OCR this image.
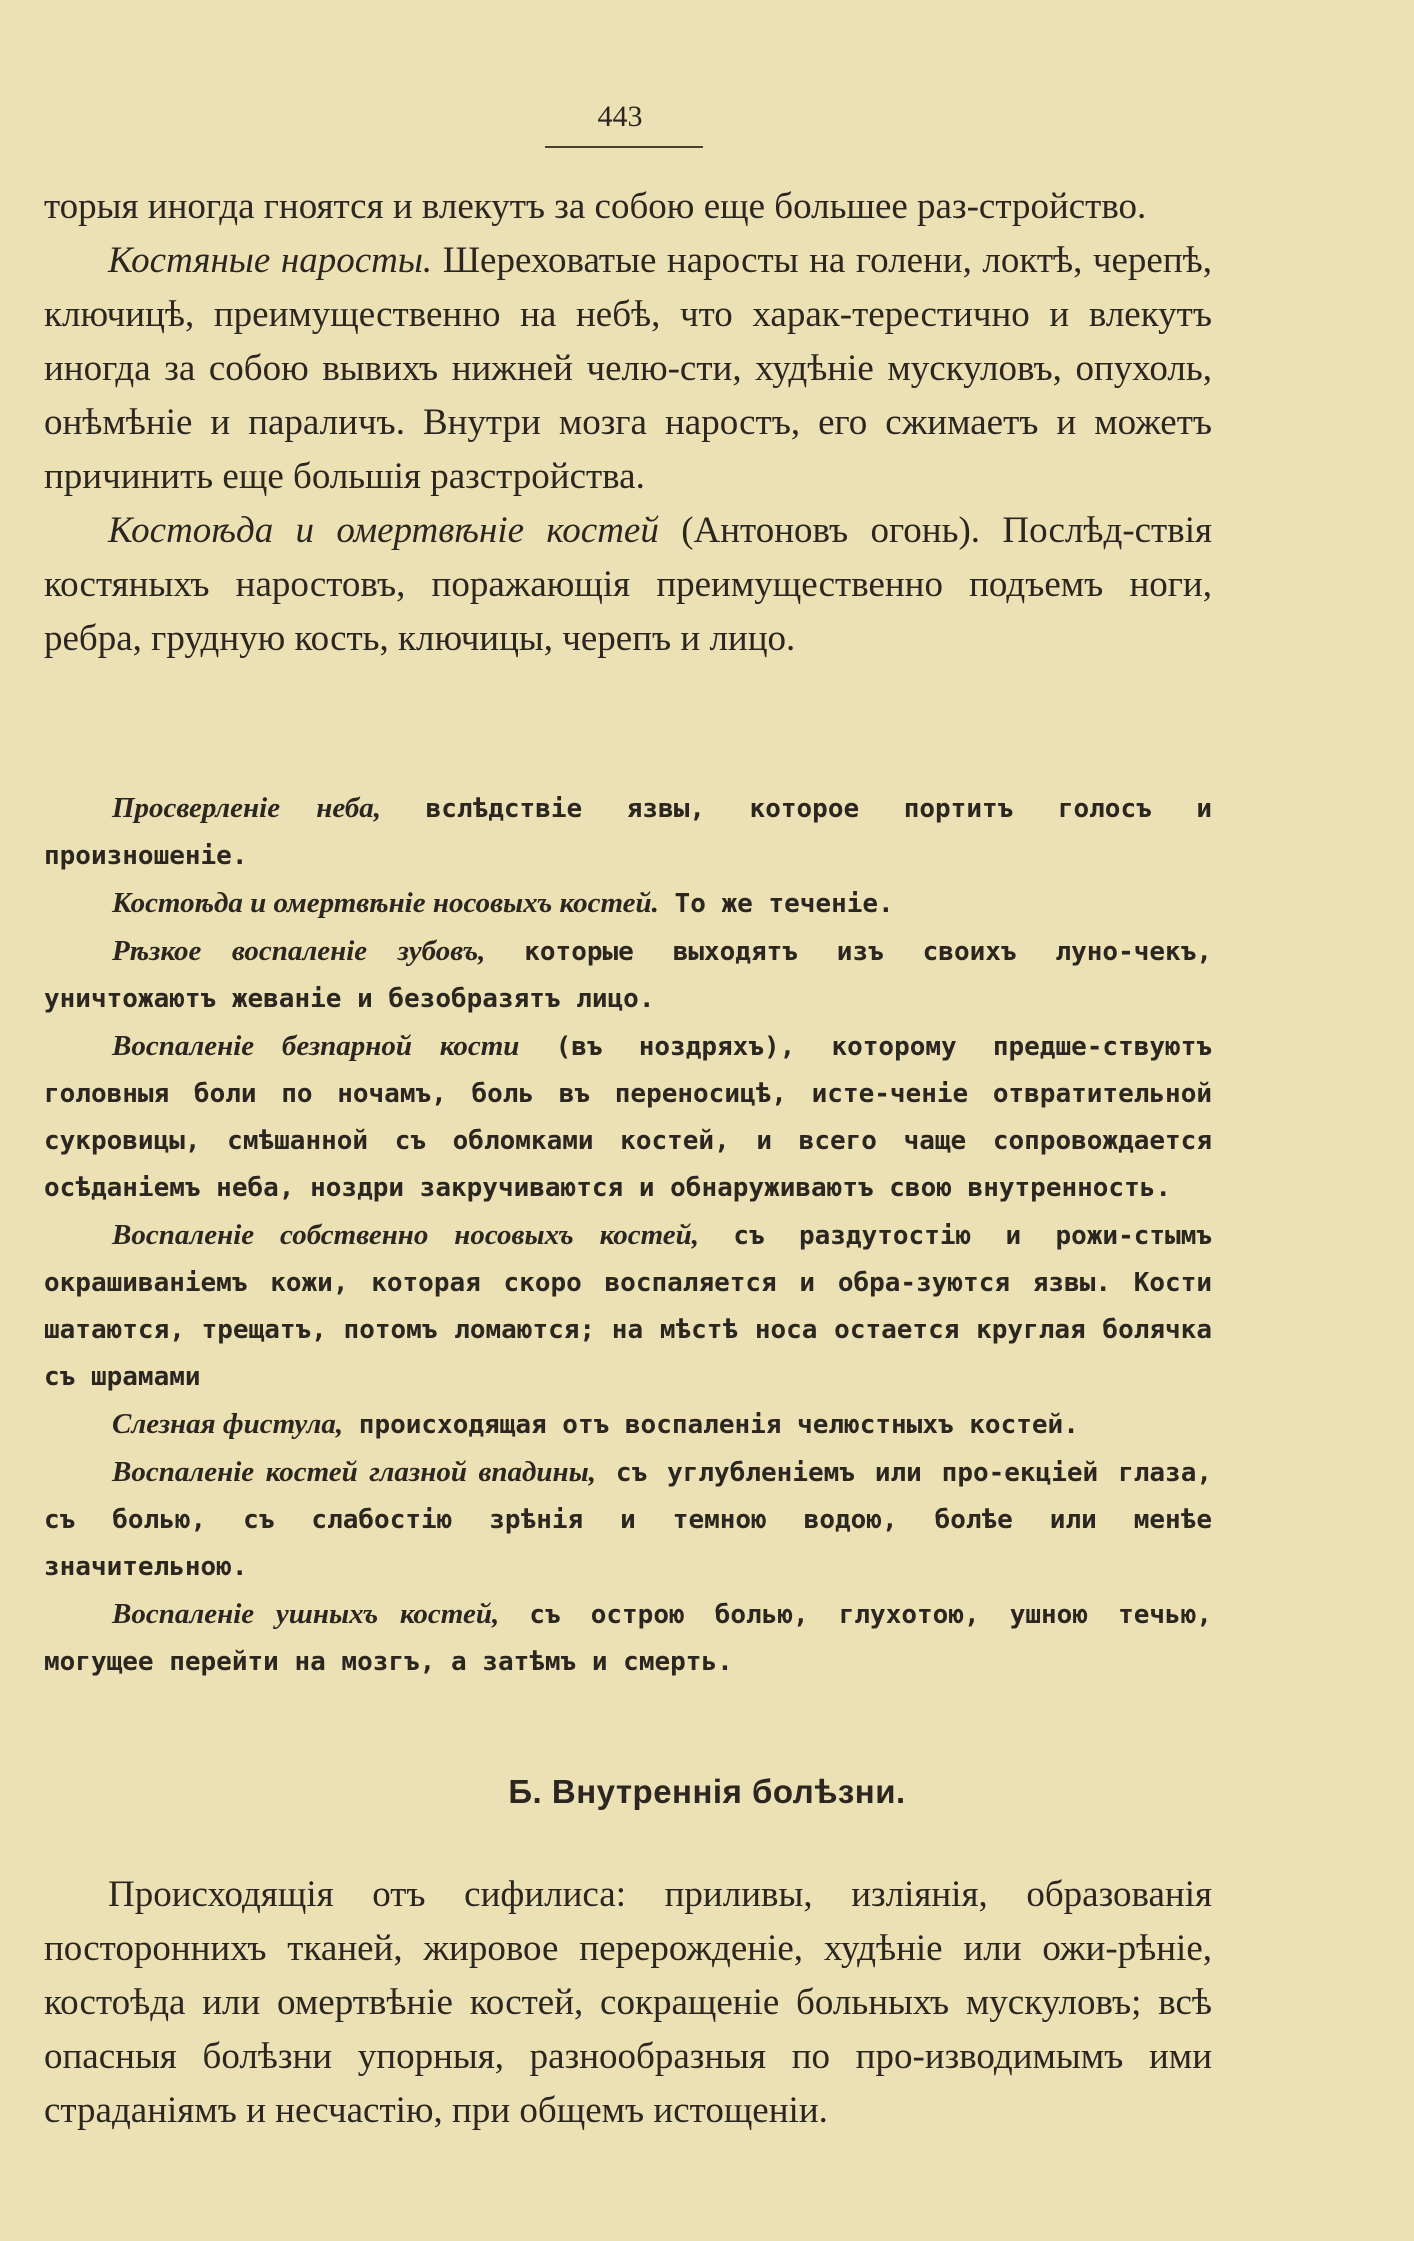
443

торыя иногда гноятся и влекутъ за собою еще большее раз-стройство.

Костяные наросты. Шереховатые наросты на голени, локтѣ, черепѣ, ключицѣ, преимущественно на небѣ, что харак-терестично и влекутъ иногда за собою вывихъ нижней челю-сти, худѣніе мускуловъ, опухоль, онѣмѣніе и параличъ. Внутри мозга наростъ, его сжимаетъ и можетъ причинить еще большія разстройства.

Костоѣда и омертвѣніе костей (Антоновъ огонь). Послѣд-ствія костяныхъ наростовъ, поражающія преимущественно подъемъ ноги, ребра, грудную кость, ключицы, черепъ и лицо.

Просверленіе неба, вслѣдствіе язвы, которое портитъ голосъ и произношеніе.

Костоѣда и омертвѣніе носовыхъ костей. То же теченіе.

Рѣзкое воспаленіе зубовъ, которые выходятъ изъ своихъ луно-чекъ, уничтожаютъ жеваніе и безобразятъ лицо.

Воспаленіе безпарной кости (въ ноздряхъ), которому предше-ствуютъ головныя боли по ночамъ, боль въ переносицѣ, исте-ченіе отвратительной сукровицы, смѣшанной съ обломками костей, и всего чаще сопровождается осѣданіемъ неба, ноздри закручиваются и обнаруживаютъ свою внутренность.

Воспаленіе собственно носовыхъ костей, съ раздутостію и рожи-стымъ окрашиваніемъ кожи, которая скоро воспаляется и обра-зуются язвы. Кости шатаются, трещатъ, потомъ ломаются; на мѣстѣ носа остается круглая болячка съ шрамами

Слезная фистула, происходящая отъ воспаленія челюстныхъ костей.

Воспаленіе костей глазной впадины, съ углубленіемъ или про-екціей глаза, съ болью, съ слабостію зрѣнія и темною водою, болѣе или менѣе значительною.

Воспаленіе ушныхъ костей, съ острою болью, глухотою, ушною течью, могущее перейти на мозгъ, а затѣмъ и смерть.

Б. Внутреннія болѣзни.

Происходящія отъ сифилиса: приливы, изліянія, образованія постороннихъ тканей, жировое перерожденіе, худѣніе или ожи-рѣніе, костоѣда или омертвѣніе костей, сокращеніе больныхъ мускуловъ; всѣ опасныя болѣзни упорныя, разнообразныя по про-изводимымъ ими страданіямъ и несчастію, при общемъ истощеніи.
